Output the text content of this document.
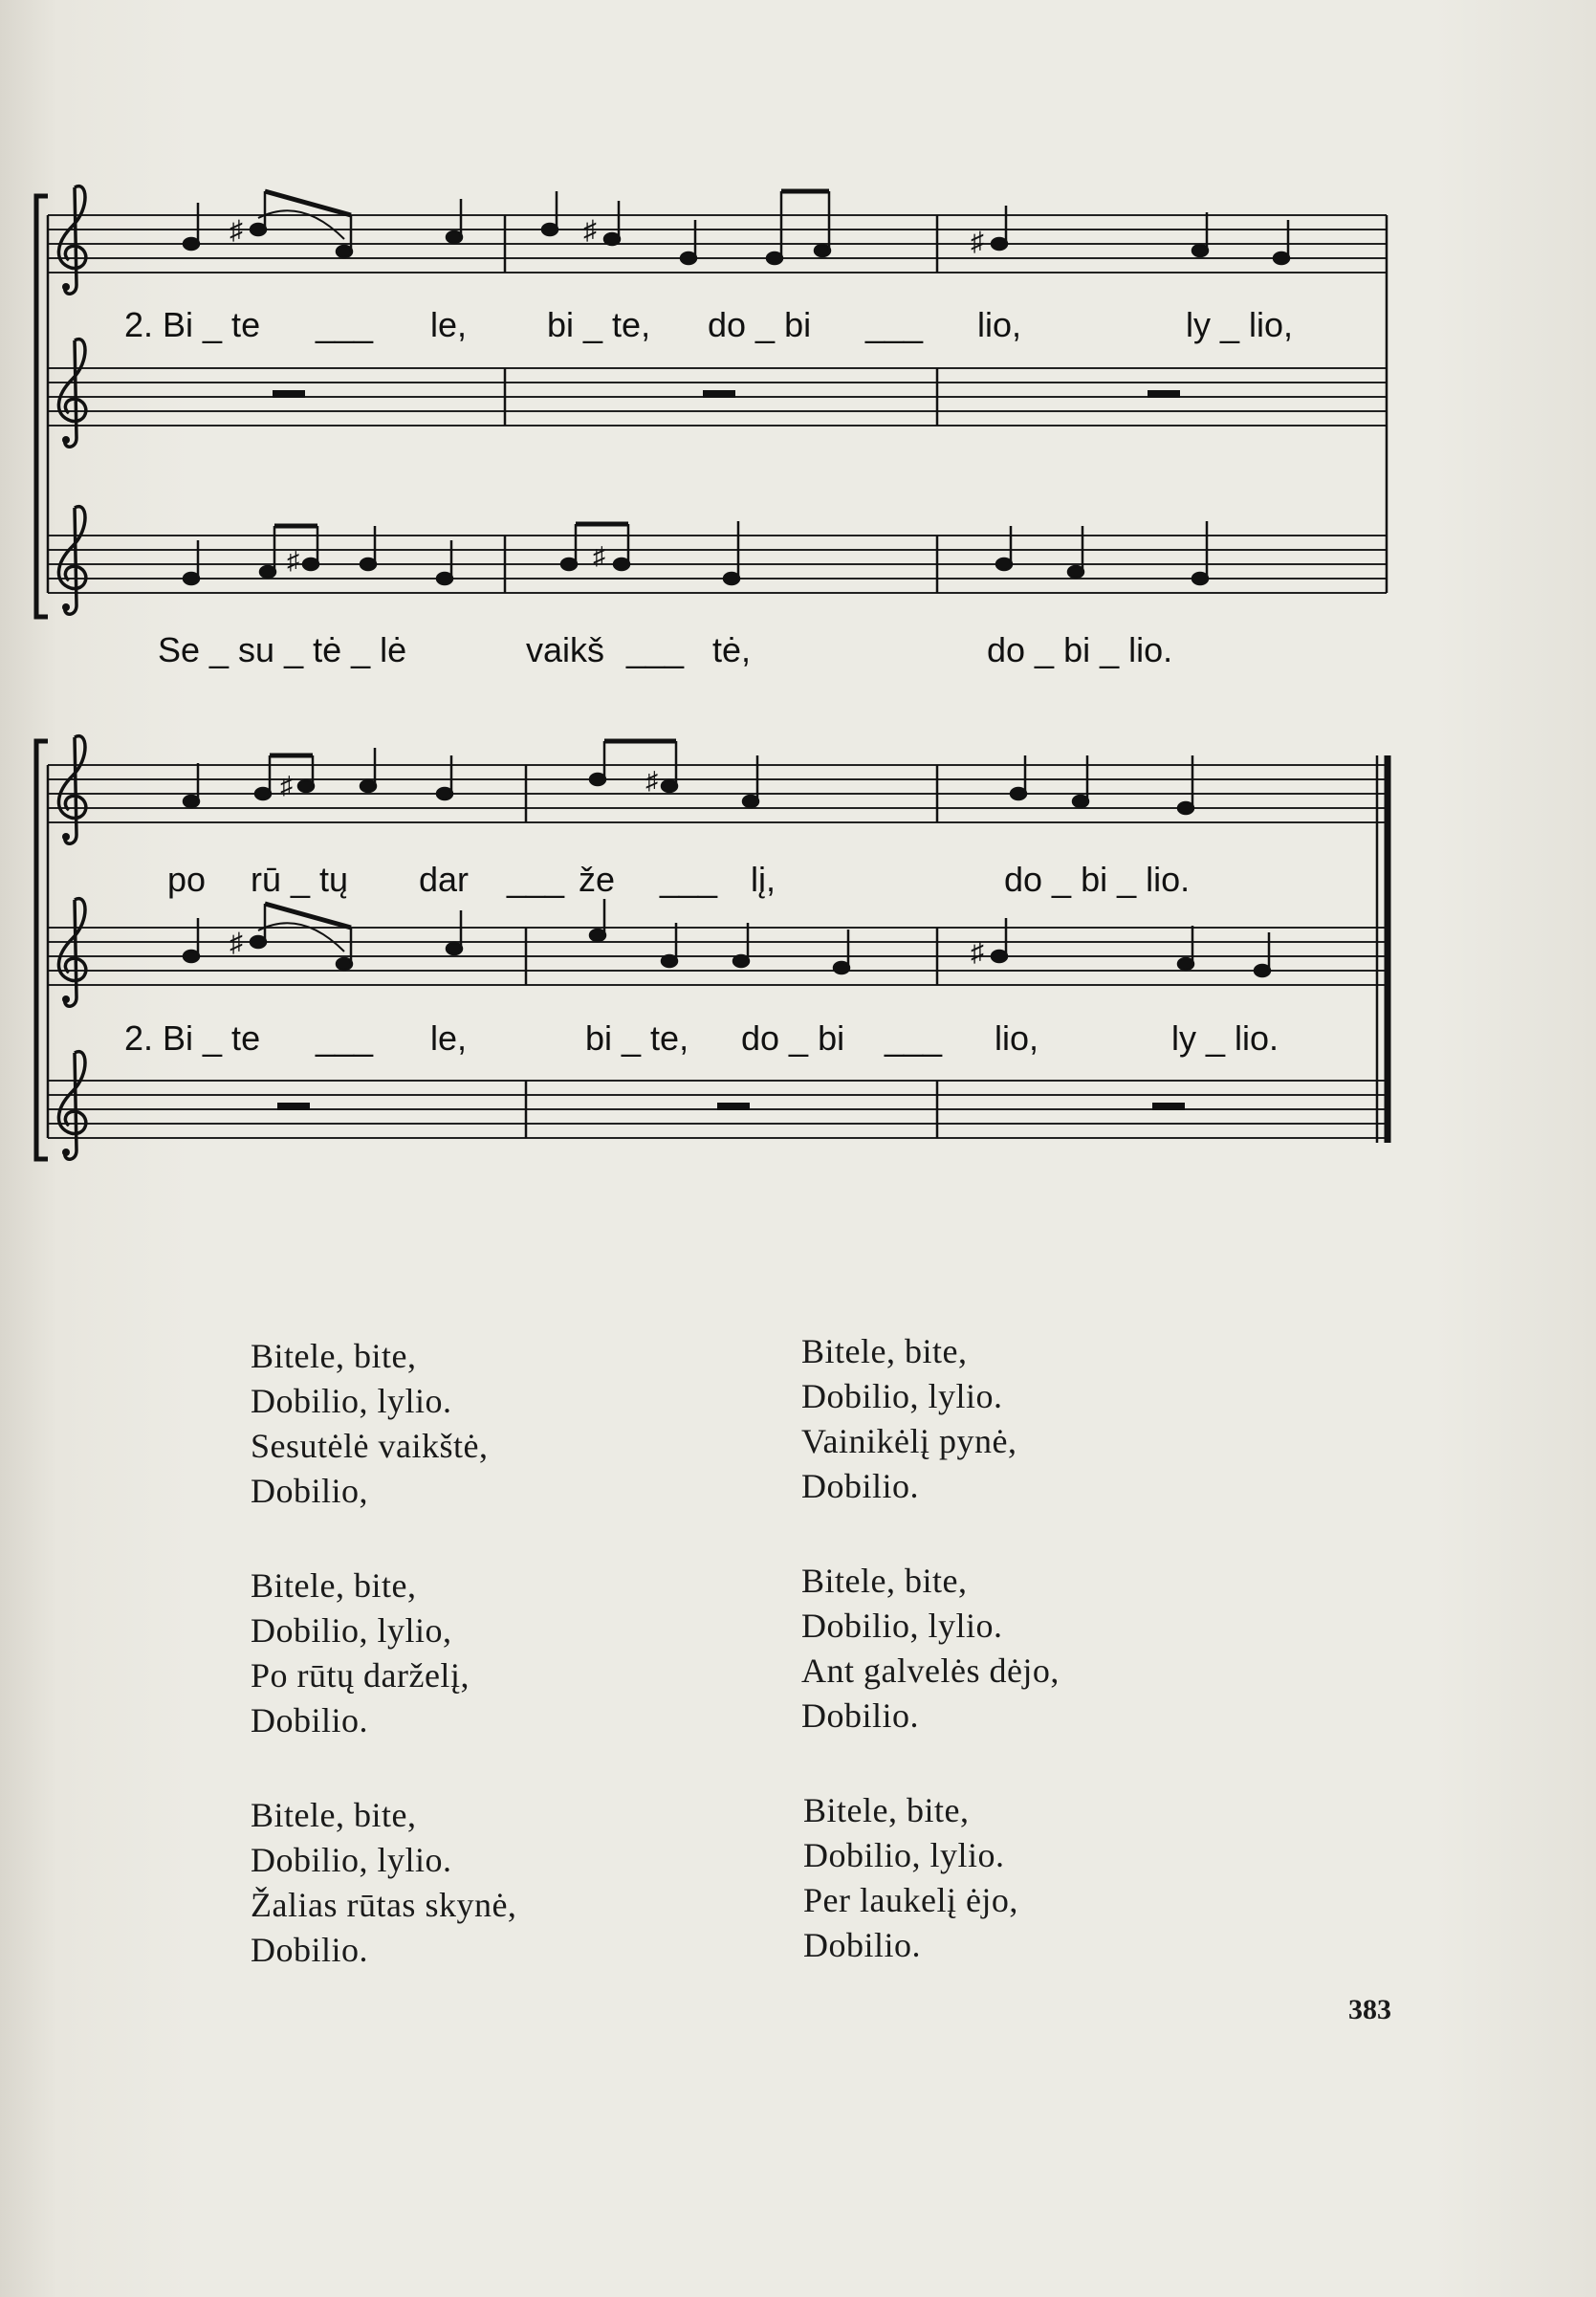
♯	♯	♯
♯	♯
♯	♯
♯	♯
2. Bi _ te ___ le, bi _ te, do _ bi ___ lio,	ly _ lio,
Se _ su _ tė _ lė	vaikš ___ tė,	do _ bi _ lio.
po rū _ tų dar ___ že ___ lį,	do _ bi _ lio.
2. Bi _ te ___ le,	bi _ te, do _ bi ___ lio,	ly _ lio.
Bitele, bite,
Dobilio, lylio.
Sesutėlė vaikštė,
Dobilio,
Bitele, bite,
Dobilio, lylio.
Vainikėlį pynė,
Dobilio.
Bitele, bite,
Dobilio, lylio,
Po rūtų darželį,
Dobilio.
Bitele, bite,
Dobilio, lylio.
Ant galvelės dėjo,
Dobilio.
Bitele, bite,
Dobilio, lylio.
Žalias rūtas skynė,
Dobilio.
Bitele, bite,
Dobilio, lylio.
Per laukelį ėjo,
Dobilio.
383
